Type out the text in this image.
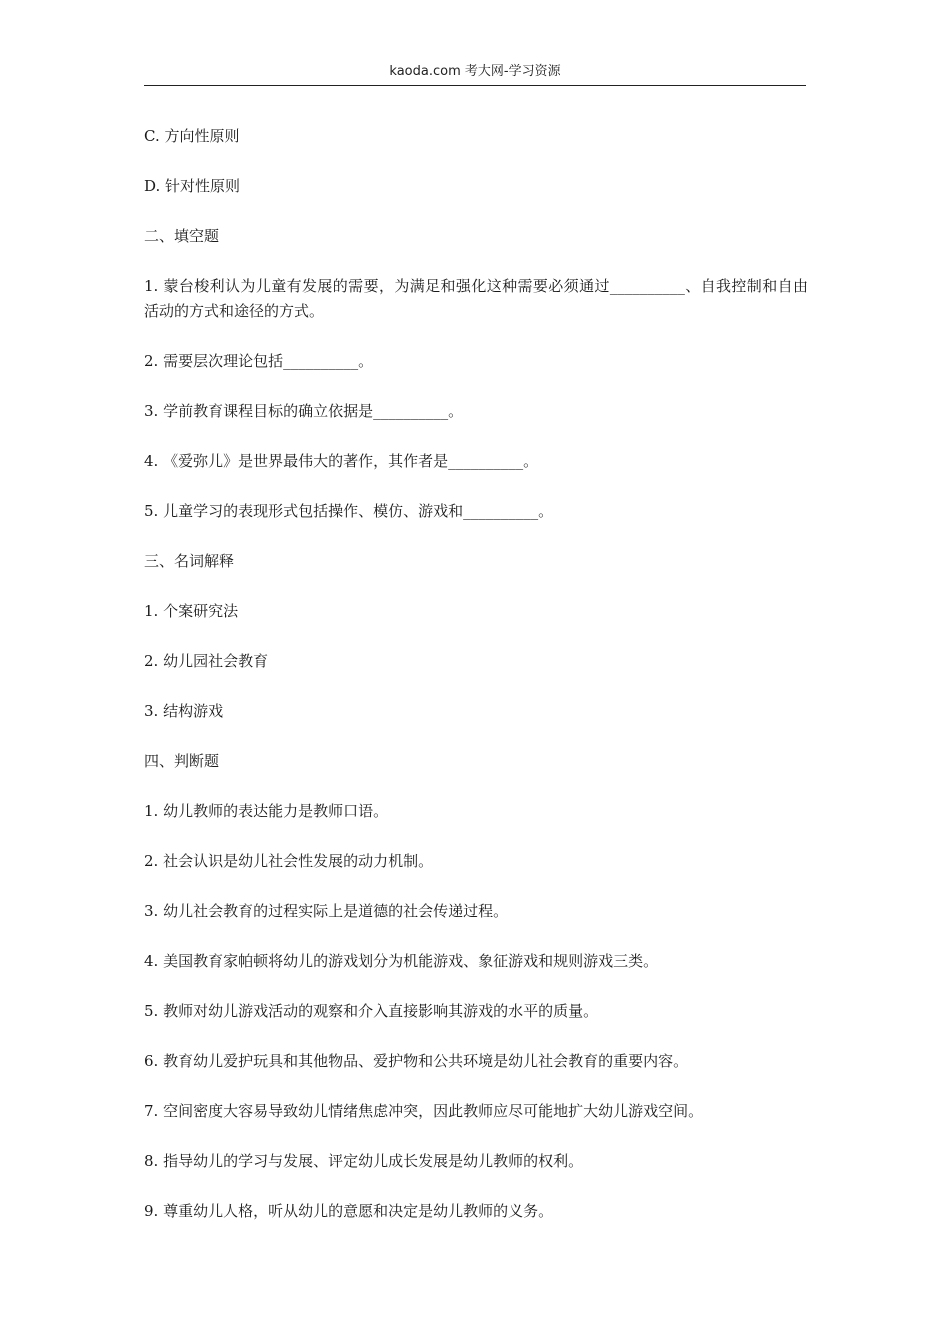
kaoda.com 考大网-学习资源
C. 方向性原则
D. 针对性原则
二、填空题
1. 蒙台梭利认为儿童有发展的需要，为满足和强化这种需要必须通过__________、自我控制和自由活动的方式和途径的方式。
2. 需要层次理论包括__________。
3. 学前教育课程目标的确立依据是__________。
4. 《爱弥儿》是世界最伟大的著作，其作者是__________。
5. 儿童学习的表现形式包括操作、模仿、游戏和__________。
三、名词解释
1. 个案研究法
2. 幼儿园社会教育
3. 结构游戏
四、判断题
1. 幼儿教师的表达能力是教师口语。
2. 社会认识是幼儿社会性发展的动力机制。
3. 幼儿社会教育的过程实际上是道德的社会传递过程。
4. 美国教育家帕顿将幼儿的游戏划分为机能游戏、象征游戏和规则游戏三类。
5. 教师对幼儿游戏活动的观察和介入直接影响其游戏的水平的质量。
6. 教育幼儿爱护玩具和其他物品、爱护物和公共环境是幼儿社会教育的重要内容。
7. 空间密度大容易导致幼儿情绪焦虑冲突，因此教师应尽可能地扩大幼儿游戏空间。
8. 指导幼儿的学习与发展、评定幼儿成长发展是幼儿教师的权利。
9. 尊重幼儿人格，听从幼儿的意愿和决定是幼儿教师的义务。
